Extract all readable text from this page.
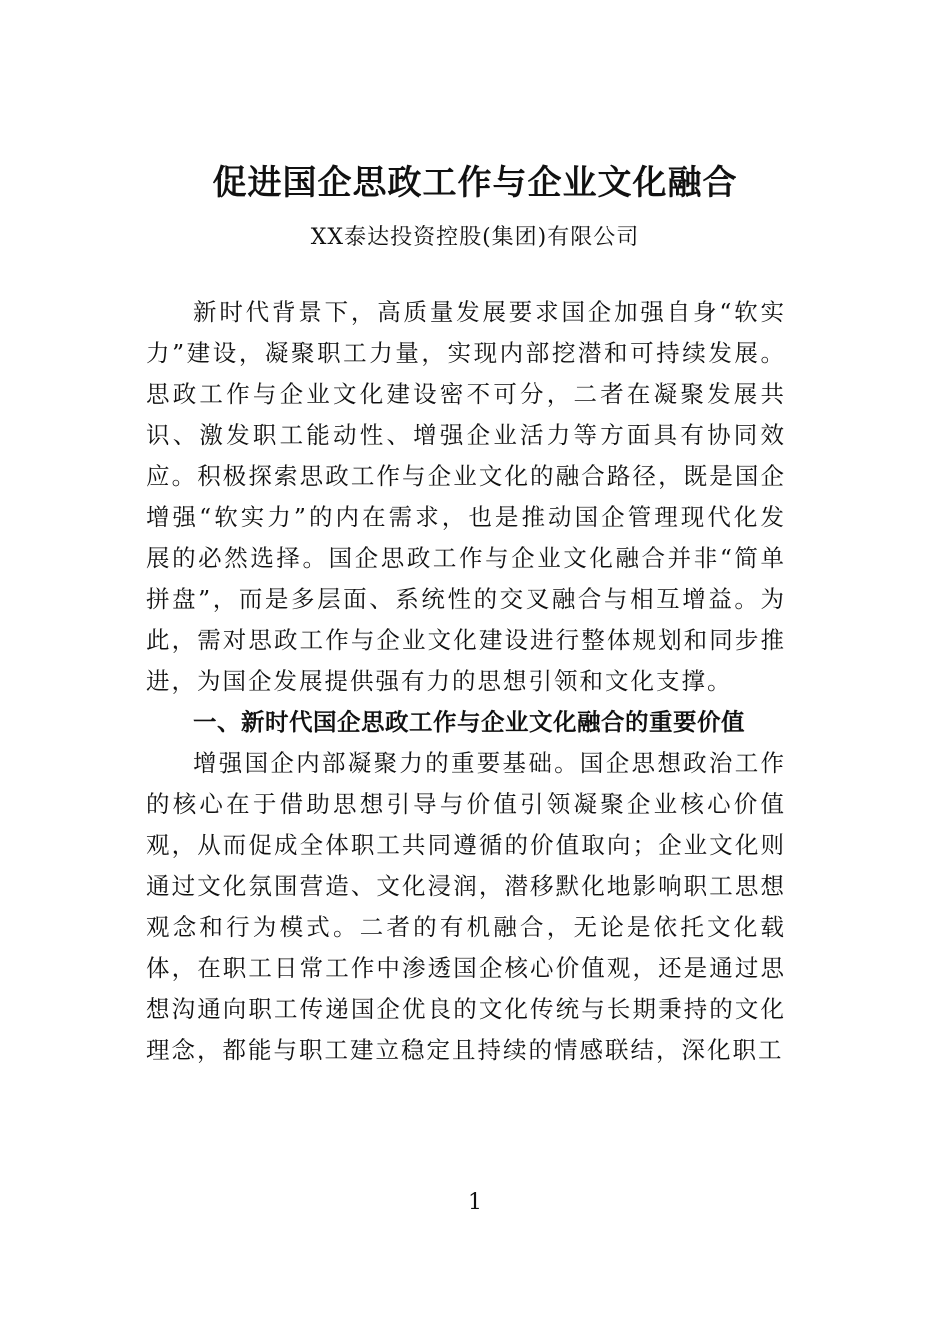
促进国企思政工作与企业文化融合
XX泰达投资控股(集团)有限公司

新时代背景下，高质量发展要求国企加强自身“软实力”建设，凝聚职工力量，实现内部挖潜和可持续发展。思政工作与企业文化建设密不可分，二者在凝聚发展共识、激发职工能动性、增强企业活力等方面具有协同效应。积极探索思政工作与企业文化的融合路径，既是国企增强“软实力”的内在需求，也是推动国企管理现代化发展的必然选择。国企思政工作与企业文化融合并非“简单拼盘”，而是多层面、系统性的交叉融合与相互增益。为此，需对思政工作与企业文化建设进行整体规划和同步推进，为国企发展提供强有力的思想引领和文化支撑。

一、新时代国企思政工作与企业文化融合的重要价值

增强国企内部凝聚力的重要基础。国企思想政治工作的核心在于借助思想引导与价值引领凝聚企业核心价值观，从而促成全体职工共同遵循的价值取向；企业文化则通过文化氛围营造、文化浸润，潜移默化地影响职工思想观念和行为模式。二者的有机融合，无论是依托文化载体，在职工日常工作中渗透国企核心价值观，还是通过思想沟通向职工传递国企优良的文化传统与长期秉持的文化理念，都能与职工建立稳定且持续的情感联结，深化职工

1
